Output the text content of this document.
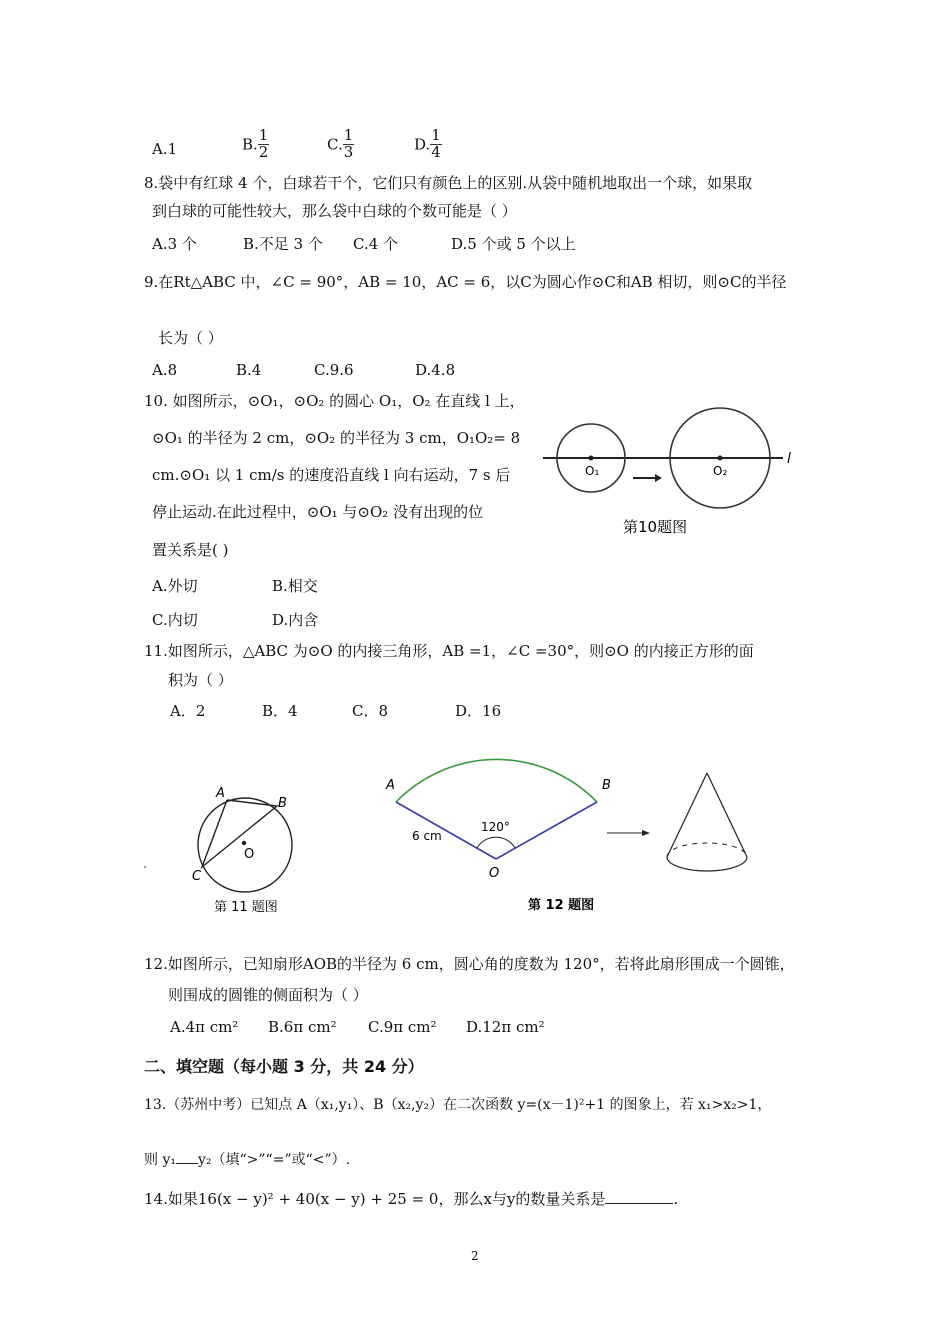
A.1	B. $\frac{1}{2}$	C. $\frac{1}{3}$	D. $\frac{1}{4}$
8.袋中有红球 4 个，白球若干个，它们只有颜色上的区别.从袋中随机地取出一个球，如果取
到白球的可能性较大，那么袋中白球的个数可能是（ ）
A.3 个	B.不足 3 个 C.4 个	D.5 个或 5 个以上
9.在Rt△ABC 中，∠C = 90°，AB = 10，AC = 6，以C为圆心作⊙C和AB 相切，则⊙C的半径
长为（ ）
A.8	B.4	C.9.6	D.4.8
10. 如图所示，⊙O₁，⊙O₂ 的圆心 O₁，O₂ 在直线 l 上，
⊙O₁ 的半径为 2 cm，⊙O₂ 的半径为 3 cm，O₁O₂= 8
cm.⊙O₁ 以 1 cm/s 的速度沿直线 l 向右运动，7 s 后
停止运动.在此过程中，⊙O₁ 与⊙O₂ 没有出现的位
置关系是( )
A.外切	B.相交
C.内切	D.内含
O₁	O₂
l
第10题图
11.如图所示，△ABC 为⊙O 的内接三角形，AB =1，∠C =30°，则⊙O 的内接正方形的面
积为（ ）
A．2	B．4	C．8	D．16
A
B
C
O
第 11 题图
A	B
O
6 cm
120°
第 12 题图
12.如图所示，已知扇形AOB的半径为 6 cm，圆心角的度数为 120°，若将此扇形围成一个圆锥，
则围成的圆锥的侧面积为（ ）
A.4π cm² B.6π cm² C.9π cm² D.12π cm²
二、填空题（每小题 3 分，共 24 分）
13.（苏州中考）已知点 A（x₁,y₁）、B（x₂,y₂）在二次函数 y=(x－1)²+1 的图象上，若 x₁>x₂>1，
则 y₁ y₂（填“>”“=”或“<”）.
14.如果16(x − y)² + 40(x − y) + 25 = 0，那么x与y的数量关系是	.
2
